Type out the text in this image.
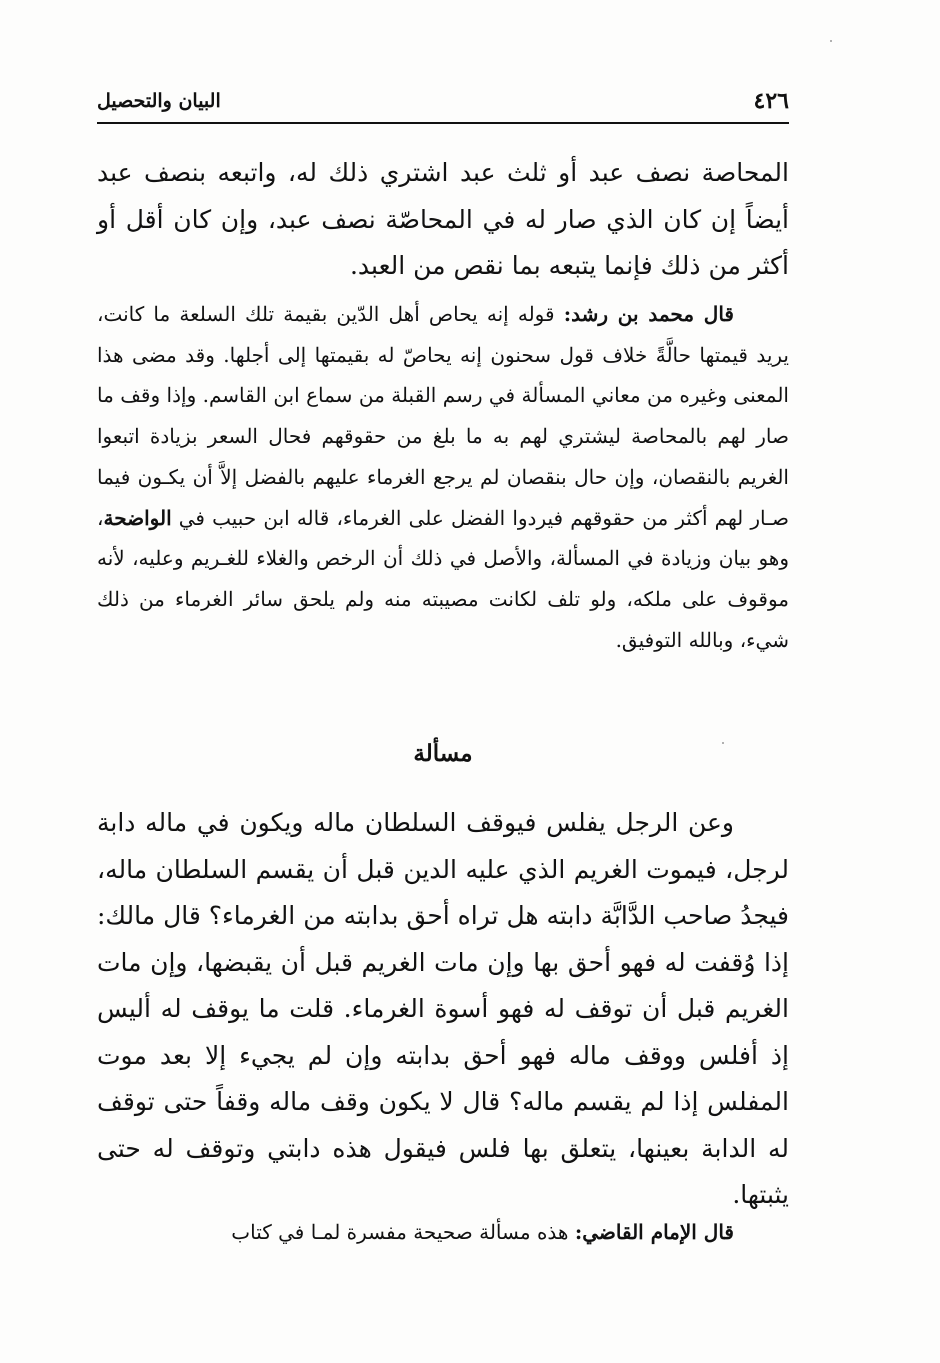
٤٢٦
البيان والتحصيل

المحاصة نصف عبد أو ثلث عبد اشتري ذلك له، واتبعه بنصف عبد أيضاً إن كان الذي صار له في المحاصّة نصف عبد، وإن كان أقل أو أكثر من ذلك فإنما يتبعه بما نقص من العبد.

قال محمد بن رشد: قوله إنه يحاص أهل الدّين بقيمة تلك السلعة ما كانت، يريد قيمتها حالَّةً خلاف قول سحنون إنه يحاصّ له بقيمتها إلى أجلها. وقد مضى هذا المعنى وغيره من معاني المسألة في رسم القبلة من سماع ابن القاسم. وإذا وقف ما صار لهم بالمحاصة ليشتري لهم به ما بلغ من حقوقهم فحال السعر بزيادة اتبعوا الغريم بالنقصان، وإن حال بنقصان لم يرجع الغرماء عليهم بالفضل إلاَّ أن يكـون فيما صـار لهم أكثر من حقوقهم فيردوا الفضل على الغرماء، قاله ابن حبيب في الواضحة، وهو بيان وزيادة في المسألة، والأصل في ذلك أن الرخص والغلاء للغـريم وعليه، لأنه موقوف على ملكه، ولو تلف لكانت مصيبته منه ولم يلحق سائر الغرماء من ذلك شيء، وبالله التوفيق.

مسألة

وعن الرجل يفلس فيوقف السلطان ماله ويكون في ماله دابة لرجل، فيموت الغريم الذي عليه الدين قبل أن يقسم السلطان ماله، فيجدُ صاحب الدَّابَّة دابته هل تراه أحق بدابته من الغرماء؟ قال مالك: إذا وُقفت له فهو أحق بها وإن مات الغريم قبل أن يقبضها، وإن مات الغريم قبل أن توقف له فهو أسوة الغرماء. قلت ما يوقف له أليس إذ أفلس ووقف ماله فهو أحق بدابته وإن لم يجيء إلا بعد موت المفلس إذا لم يقسم ماله؟ قال لا يكون وقف ماله وقفاً حتى توقف له الدابة بعينها، يتعلق بها فلس فيقول هذه دابتي وتوقف له حتى يثبتها.

قال الإمام القاضي: هذه مسألة صحيحة مفسرة لمـا في كتاب
